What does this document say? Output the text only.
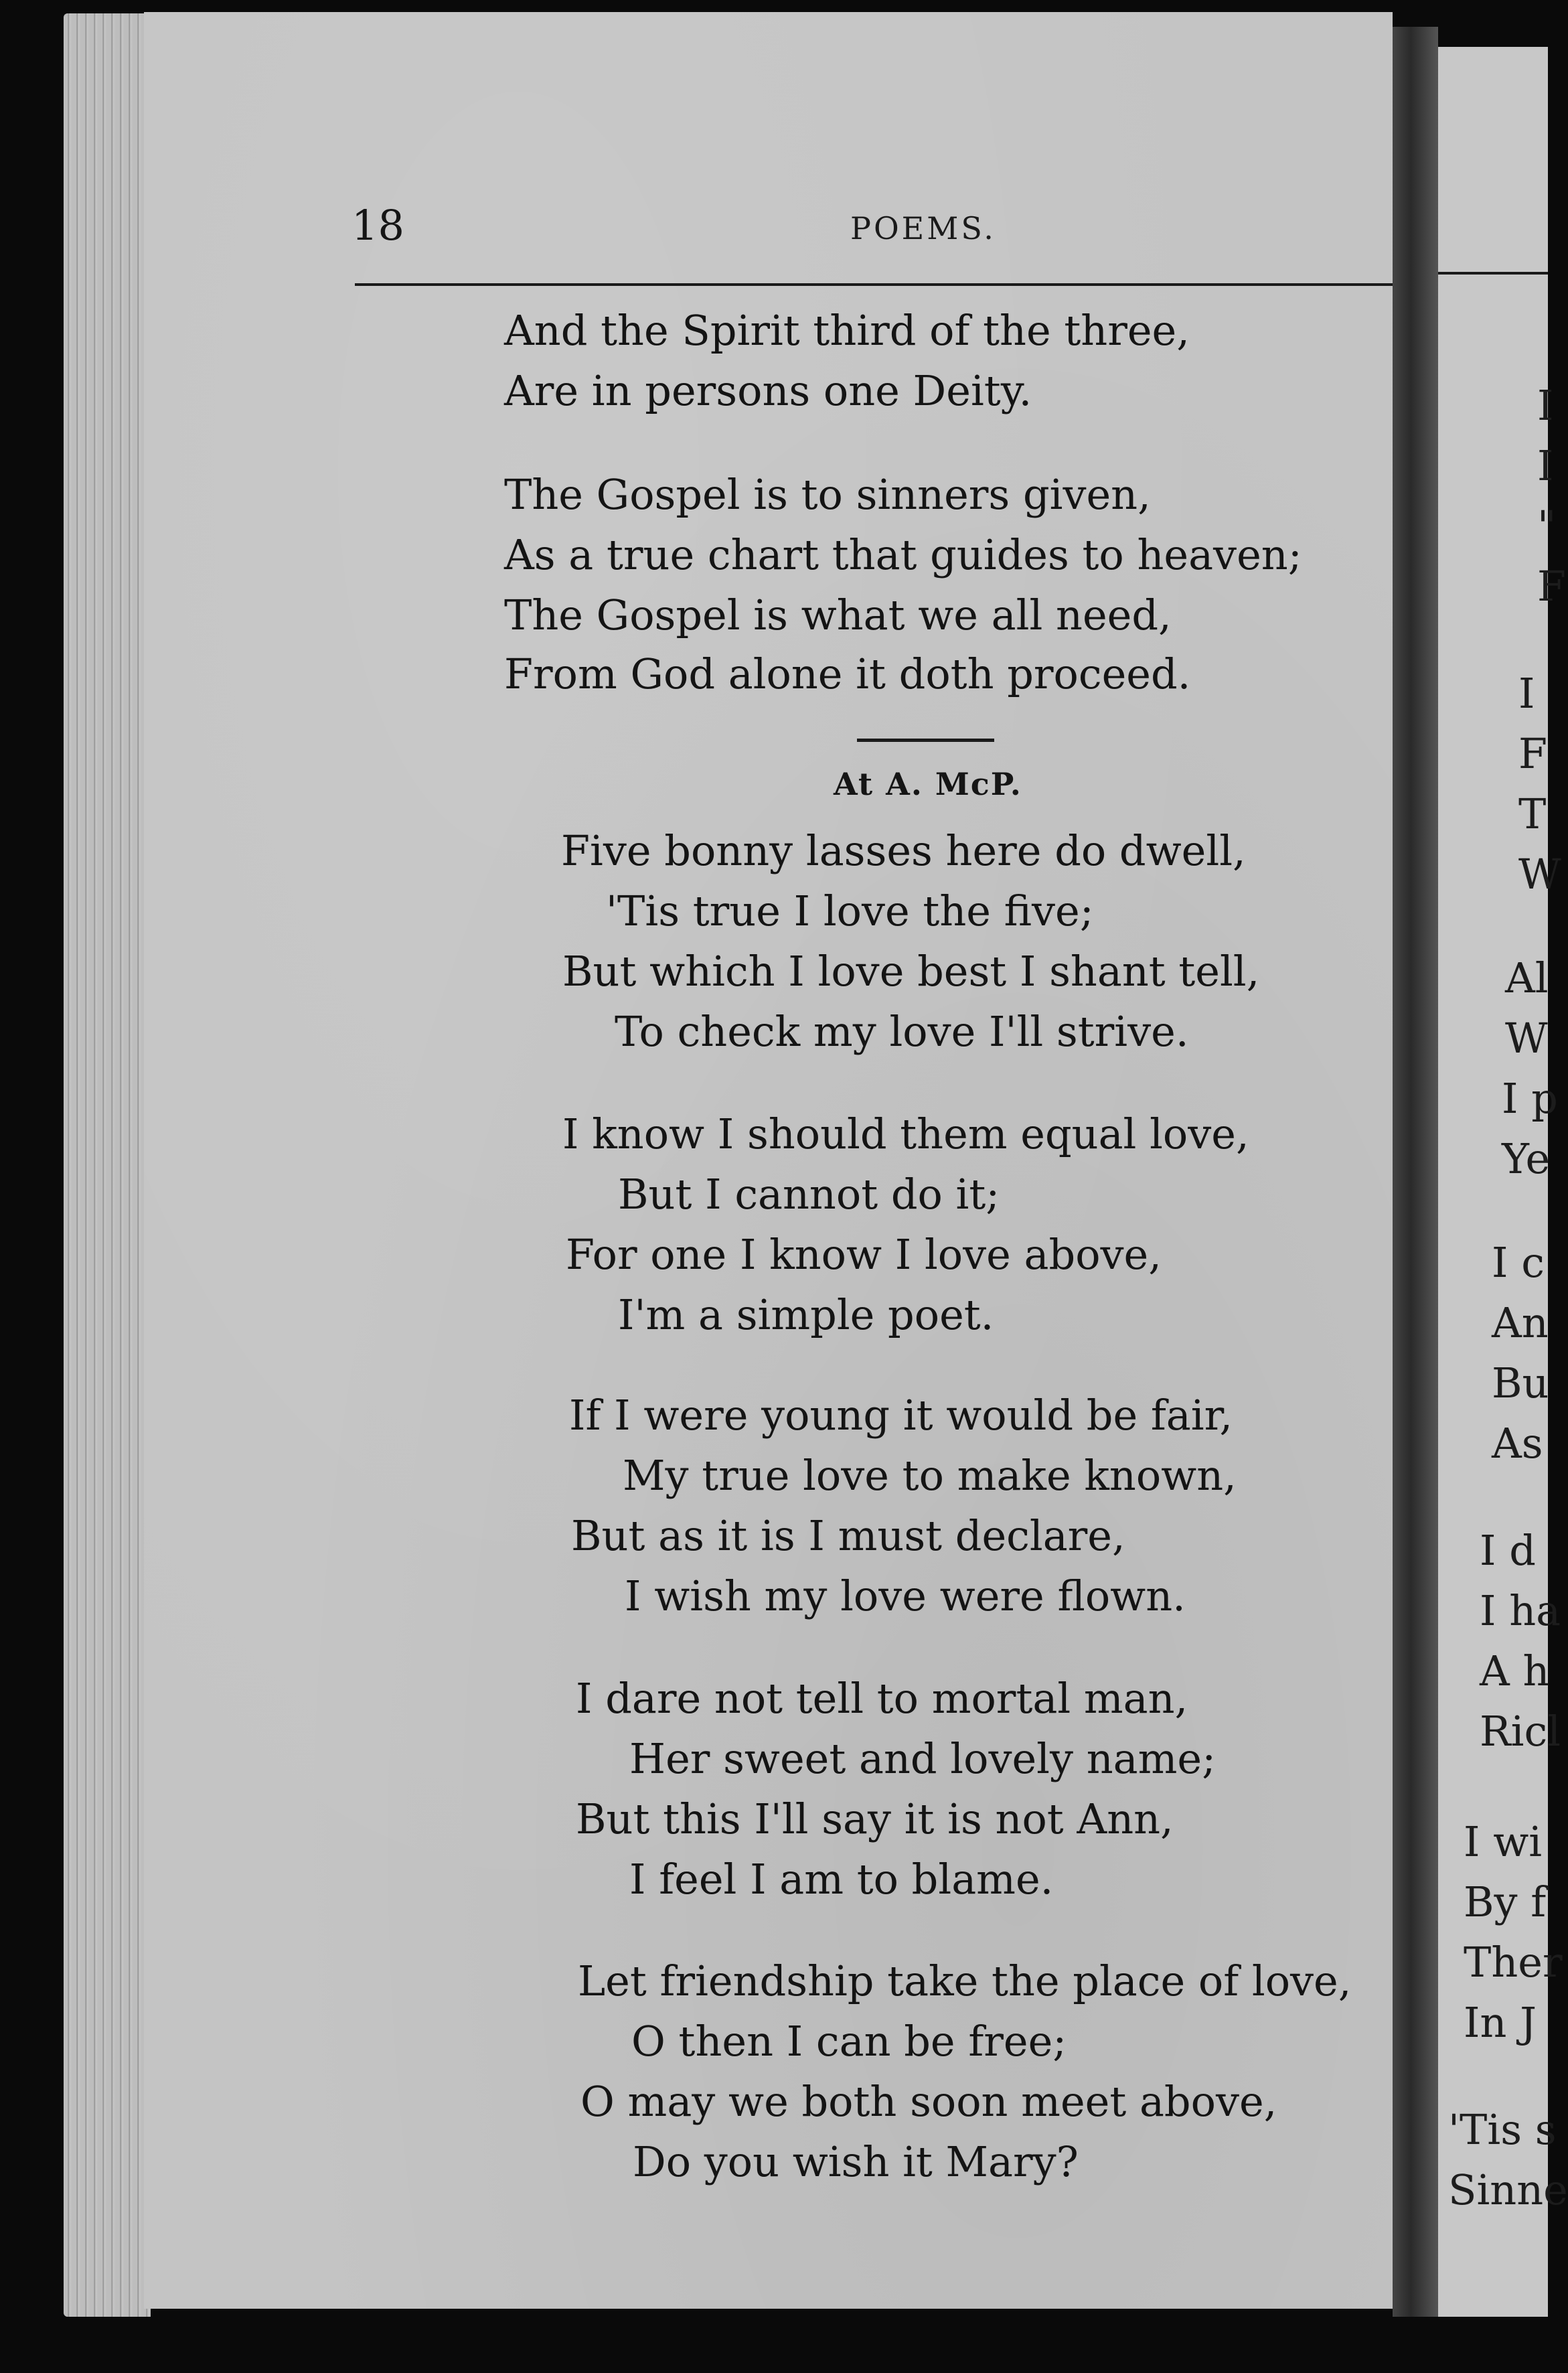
18	POEMS.
And the Spirit third of the three,
Are in persons one Deity.
The Gospel is to sinners given,
As a true chart that guides to heaven;
The Gospel is what we all need,
From God alone it doth proceed.
At A. McP.
Five bonny lasses here do dwell,
'Tis true I love the five;
But which I love best I shant tell,
To check my love I'll strive.
I know I should them equal love,
But I cannot do it;
For one I know I love above,
I'm a simple poet.
If I were young it would be fair,
My true love to make known,
But as it is I must declare,
I wish my love were flown.
I dare not tell to mortal man,
Her sweet and lovely name;
But this I'll say it is not Ann,
I feel I am to blame.
Let friendship take the place of love,
O then I can be free;
O may we both soon meet above,
Do you wish it Mary?
I
I
"
F
I
F
T
W
Al
W
I p
Ye
I c
An
Bu
As
I d
I ha
A h
Ricl
I wi
By f
Ther
In J
'Tis s
Sinne
